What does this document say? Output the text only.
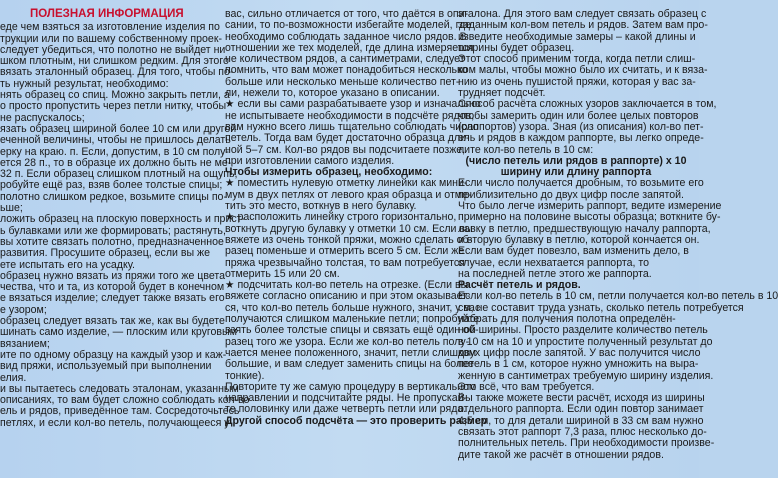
ПОЛЕЗНАЯ ИНФОРМАЦИЯ

еде чем взяться за изготовление изделия по

трукции или по вашему собственному проек-

следует убедиться, что полотно не выйдет ни

шком плотным, ни слишком редким. Для этого

вязать эталонный образец. Для того, чтобы по-

ть нужный результат, необходимо:

нять образец со спиц. Можно закрыть петли, а

о просто пропустить через петли нитку, чтобы

не распускалось;

язать образец шириной более 10 см или другой

еченной величины, чтобы не пришлось делать

ерку на краю. п. Если, допустим, в 10 см полу-

ется 28 п., то в образце их должно быть не ме-

32 п. Если образец слишком плотный на ощупь,

робуйте ещё раз, взяв более толстые спицы;

полотно слишком редкое, возьмите спицы по-

ьше;

ложить образец на плоскую поверхность и прист-

ь булавками или же формировать; растянуть,

вы хотите связать полотно, предназначенное

развития. Просушите образец, если вы же

ете испытать его на усадку.

образец нужно вязать из пряжи того же цвета

чества, что и та, из которой будет в конечном

е вязаться изделие; следует также вязать его

е узором;

образец следует вязать так же, как вы будете

шинать само изделие, — плоским или круговым

вязанием;

ите по одному образцу на каждый узор и каж-

вид пряжи, используемый при выполнении

елия.

и вы пытаетесь следовать эталонам, указанным

описаниях, то вам будет сложно соблюдать кол-во

ель и рядов, приведённое там. Сосредоточьтесь

петлях, и если кол-во петель, получающееся у

вас, сильно отличается от того, что даётся в опи-

сании, то по-возможности избегайте моделей, где

необходимо соблюдать заданное число рядов. В

отношении же тех моделей, где длина измеряется

не количеством рядов, а сантиметрами, следует

помнить, что вам может понадобиться несколько

больше или несколько меньше количество пет-

ли, нежели то, которое указано в описании.

★ если вы сами разрабатываете узор и изначально

не испытываете необходимости в подсчёте рядов,

вам нужно всего лишь тщательно соблюдать число

петель. Тогда вам будет достаточно образца дли-

ной 5–7 см. Кол-во рядов вы подсчитаете позже,

при изготовлении самого изделия.

Чтобы измерить образец, необходимо:

★ поместить нулевую отметку линейки как мини-

мум в двух петлях от левого края образца и отме-

тить это место, воткнув в него булавку.

★ расположить линейку строго горизонтально,

воткнуть другую булавку у отметки 10 см. Если вы

вяжете из очень тонкой пряжи, можно сделать об-

разец поменьше и отмерить всего 5 см. Если же

пряжа чрезвычайно толстая, то вам потребуется

отмерить 15 или 20 см.

★ подсчитать кол-во петель на отрезке. (Если вы

вяжете согласно описанию и при этом оказывает-

ся, что кол-во петель больше нужного, значит, у вас

получаются слишком маленькие петли; попробуйте

взять более толстые спицы и связать ещё один об-

разец того же узора. Если же кол-во петель полу-

чается менее положенного, значит, петли слишком

большие, и вам следует заменить спицы на более

тонкие).

Повторите ту же самую процедуру в вертикальном

направлении и подсчитайте ряды. Не пропускай-

те половинку или даже четверть петли или ряда.

Другой способ подсчёта — это проверить размер

эталона. Для этого вам следует связать образец с

заданным кол-вом петель и рядов. Затем вам про-

изведите необходимые замеры – какой длины и

ширины будет образец.

Этот способ применим тогда, когда петли слиш-

ком малы, чтобы можно было их считать, и к вяза-

нию из очень пушистой пряжи, которая у вас за-

трудняет подсчёт.

Способ расчёта сложных узоров заключается в том,

чтобы замерить один или более целых повторов

(раппортов) узора. Зная (из описания) кол-во пет-

ель и рядов в каждом раппорте, вы легко опреде-

лите кол-во петель в 10 см:

(число петель или рядов в раппорте) х 10

ширину или длину раппорта

Если число получается дробным, то возьмите его

приблизительно до двух цифр после запятой.

Что было легче измерить раппорт, ведите измерение

примерно на половине высоты образца; воткните бу-

лавку в петлю, предшествующую началу раппорта,

и вторую булавку в петлю, которой кончается он.

Если вам будет повезло, вам изменить дело, в

случае, если нехватается раппорта, то

на последней петле этого же раппорта.

Расчёт петель и рядов.

Если кол-во петель в 10 см, петли получается кол-во петель в 10

см, не составит труда узнать, сколько петель потребуется

набрать для получения полотна определён-

ной ширины. Просто разделите количество петель

в 10 см на 10 и упростите полученный результат до

двух цифр после запятой. У вас получится число

петель в 1 см, которое нужно умножить на выра-

женную в сантиметрах требуемую ширину изделия.

Это всё, что вам требуется.

Вы также можете вести расчёт, исходя из ширины

отдельного раппорта. Если один повтор занимает

4,5 см, то для детали шириной в 33 см вам нужно

связать этот раппорт 7,3 раза, плюс несколько до-

полнительных петель. При необходимости произве-

дите такой же расчёт в отношении рядов.
